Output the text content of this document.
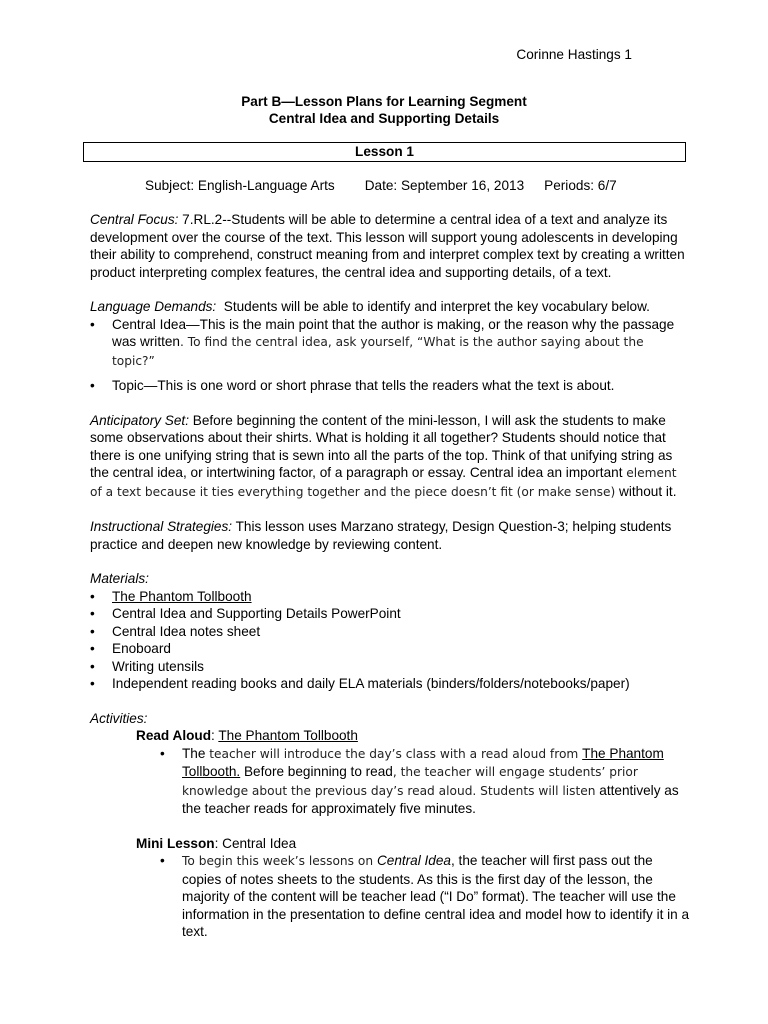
Corinne Hastings 1
Part B—Lesson Plans for Learning Segment
Central Idea and Supporting Details
Lesson 1
Subject: English-Language Arts Date: September 16, 2013 Periods: 6/7

Central Focus: 7.RL.2--Students will be able to determine a central idea of a text and analyze its development over the course of the text. This lesson will support young adolescents in developing their ability to comprehend, construct meaning from and interpret complex text by creating a written product interpreting complex features, the central idea and supporting details, of a text.

Language Demands:  Students will be able to identify and interpret the key vocabulary below.
• Central Idea—This is the main point that the author is making, or the reason why the passage was written. To find the central idea, ask yourself, “What is the author saying about the topic?”
• Topic—This is one word or short phrase that tells the readers what the text is about.

Anticipatory Set: Before beginning the content of the mini-lesson, I will ask the students to make some observations about their shirts. What is holding it all together? Students should notice that there is one unifying string that is sewn into all the parts of the top. Think of that unifying string as the central idea, or intertwining factor, of a paragraph or essay. Central idea an important element of a text because it ties everything together and the piece doesn’t fit (or make sense) without it.

Instructional Strategies: This lesson uses Marzano strategy, Design Question-3; helping students practice and deepen new knowledge by reviewing content.

Materials:
• The Phantom Tollbooth
• Central Idea and Supporting Details PowerPoint
• Central Idea notes sheet
• Enoboard
• Writing utensils
• Independent reading books and daily ELA materials (binders/folders/notebooks/paper)
Activities:
Read Aloud: The Phantom Tollbooth
• The teacher will introduce the day’s class with a read aloud from The Phantom Tollbooth. Before beginning to read, the teacher will engage students’ prior knowledge about the previous day’s read aloud. Students will listen attentively as the teacher reads for approximately five minutes.
Mini Lesson: Central Idea
• To begin this week’s lessons on Central Idea, the teacher will first pass out the copies of notes sheets to the students. As this is the first day of the lesson, the majority of the content will be teacher lead (“I Do” format). The teacher will use the information in the presentation to define central idea and model how to identify it in a text.
